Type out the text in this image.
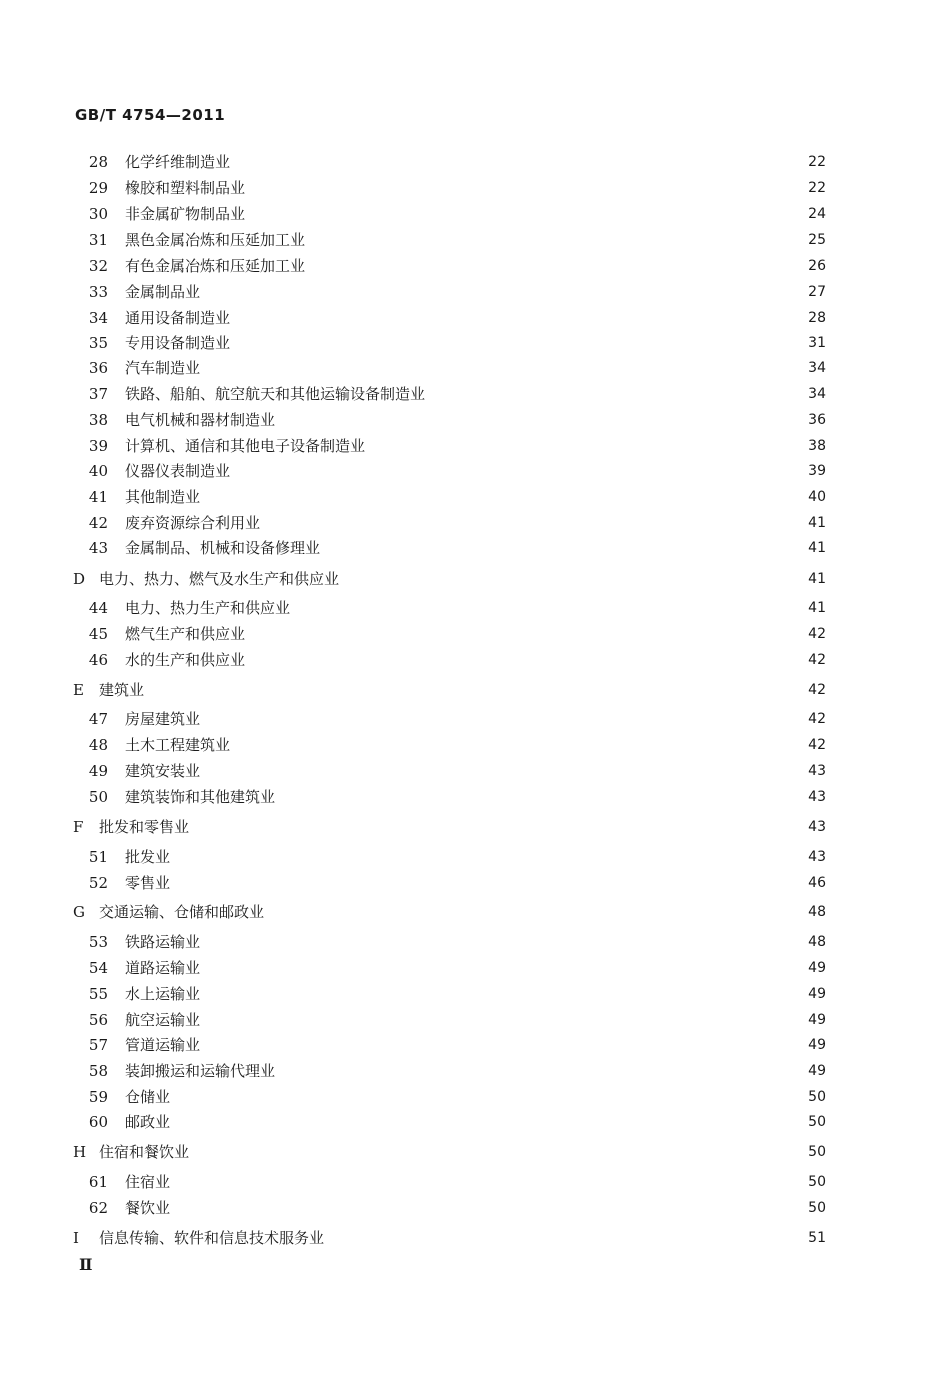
GB/T 4754—2011
28 化学纤维制造业	22
29 橡胶和塑料制品业	22
30 非金属矿物制品业	24
31 黑色金属冶炼和压延加工业	25
32 有色金属冶炼和压延加工业	26
33 金属制品业	27
34 通用设备制造业	28
35 专用设备制造业	31
36 汽车制造业	34
37 铁路、船舶、航空航天和其他运输设备制造业	34
38 电气机械和器材制造业	36
39 计算机、通信和其他电子设备制造业	38
40 仪器仪表制造业	39
41 其他制造业	40
42 废弃资源综合利用业	41
43 金属制品、机械和设备修理业	41
D 电力、热力、燃气及水生产和供应业	41
44 电力、热力生产和供应业	41
45 燃气生产和供应业	42
46 水的生产和供应业	42
E	建筑业	42
47 房屋建筑业	42
48 土木工程建筑业	42
49 建筑安装业	43
50 建筑装饰和其他建筑业	43
F	批发和零售业	43
51 批发业	43
52 零售业	46
G 交通运输、仓储和邮政业	48
53 铁路运输业	48
54 道路运输业	49
55 水上运输业	49
56 航空运输业	49
57 管道运输业	49
58 装卸搬运和运输代理业	49
59 仓储业	50
60 邮政业	50
H 住宿和餐饮业	50
61 住宿业	50
62 餐饮业	50
I	信息传输、软件和信息技术服务业	51
Ⅱ
